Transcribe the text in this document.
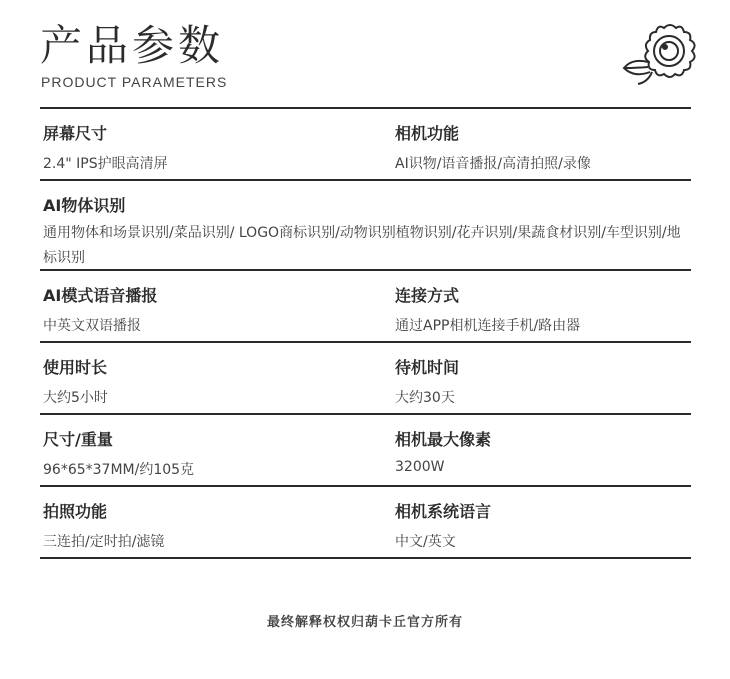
产品参数
PRODUCT PARAMETERS
屏幕尺寸
2.4" IPS护眼高清屏
相机功能
AI识物/语音播报/高清拍照/录像
AI物体识别
通用物体和场景识别/菜品识别/ LOGO商标识别/动物识别植物识别/花卉识别/果蔬食材识别/车型识别/地标识别
AI模式语音播报
中英文双语播报
连接方式
通过APP相机连接手机/路由器
使用时长
大约5小时
待机时间
大约30天
尺寸/重量
96*65*37MM/约105克
相机最大像素
3200W
拍照功能
三连拍/定时拍/滤镜
相机系统语言
中文/英文
最终解释权权归葫卡丘官方所有
